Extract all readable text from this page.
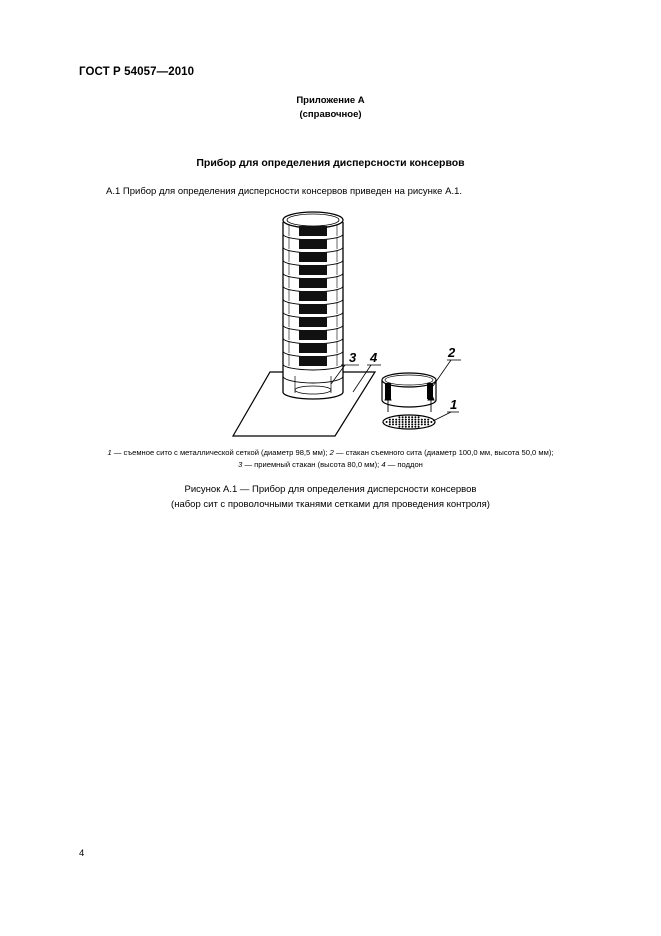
ГОСТ Р 54057—2010
Приложение А
(справочное)
Прибор для определения дисперсности консервов
А.1 Прибор для определения дисперсности консервов приведен на рисунке А.1.
3 4	2
1
1 — съемное сито с металлической сеткой (диаметр 98,5 мм); 2 — стакан съемного сита (диаметр 100,0 мм, высота 50,0 мм);
3 — приемный стакан (высота 80,0 мм); 4 — поддон
Рисунок А.1 — Прибор для определения дисперсности консервов
(набор сит с проволочными тканями сетками для проведения контроля)
4
